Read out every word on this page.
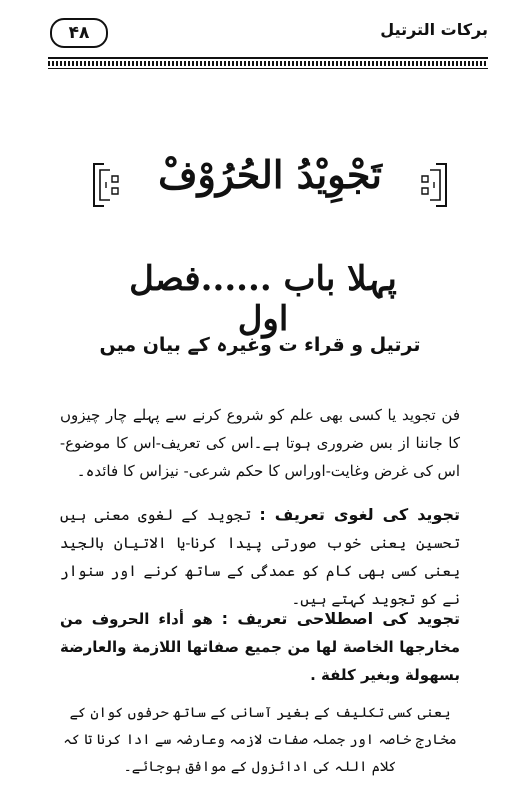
۴۸	برکات الترتیل
تَجْوِیْدُ الحُرُوْفْ
پہلا باب ......فصل اول
ترتیل و قراء ت وغیرہ کے بیان میں

فن تجوید یا کسی بھی علم کو شروع کرنے سے پہلے چار چیزوں کا جاننا از بس ضروری ہوتا ہے۔اس کی تعریف-اس کا موضوع-اس کی غرض وغایت-اوراس کا حکم شرعی- نیزاس کا فائدہ۔

تجوید کی لغوی تعریف : تجوید کے لغوی معنی ہیں تحسین یعنی خوب صورتی پیدا کرنا-یا الاتیان بالجید یعنی کسی بھی کام کو عمدگی کے ساتھ کرنے اور سنوار نے کو تجوید کہتے ہیں۔

تجوید کی اصطلاحی تعریف : هو أداء الحروف من مخارجها الخاصة لها من جميع صفاتها اللازمة والعارضة بسهولة وبغير كلفة .

یعنی کسی تکلیف کے بغیر آسانی کے ساتھ حرفوں کوان کے مخارج خاصہ اور جملہ صفات لازمہ وعارضہ سے ادا کرنا تا کہ کلام اللہ کی ادائزول کے موافق ہوجائے۔
